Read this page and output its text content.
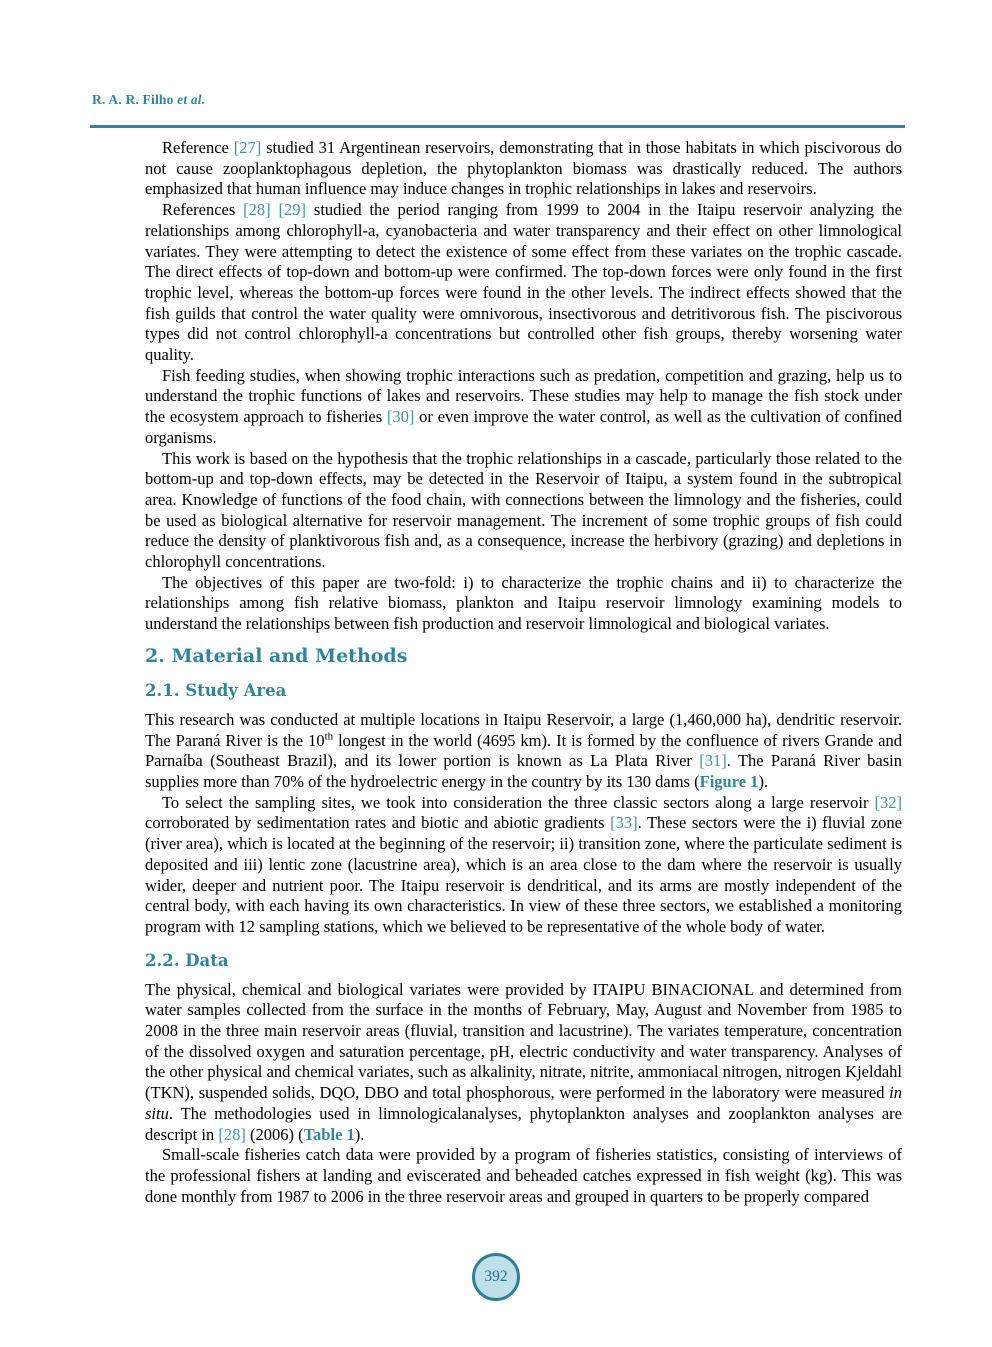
R. A. R. Filho et al.

Reference [27] studied 31 Argentinean reservoirs, demonstrating that in those habitats in which piscivorous do not cause zooplanktophagous depletion, the phytoplankton biomass was drastically reduced. The authors emphasized that human influence may induce changes in trophic relationships in lakes and reservoirs.

References [28] [29] studied the period ranging from 1999 to 2004 in the Itaipu reservoir analyzing the relationships among chlorophyll-a, cyanobacteria and water transparency and their effect on other limnological variates. They were attempting to detect the existence of some effect from these variates on the trophic cascade. The direct effects of top-down and bottom-up were confirmed. The top-down forces were only found in the first trophic level, whereas the bottom-up forces were found in the other levels. The indirect effects showed that the fish guilds that control the water quality were omnivorous, insectivorous and detritivorous fish. The piscivorous types did not control chlorophyll-a concentrations but controlled other fish groups, thereby worsening water quality.

Fish feeding studies, when showing trophic interactions such as predation, competition and grazing, help us to understand the trophic functions of lakes and reservoirs. These studies may help to manage the fish stock under the ecosystem approach to fisheries [30] or even improve the water control, as well as the cultivation of confined organisms.

This work is based on the hypothesis that the trophic relationships in a cascade, particularly those related to the bottom-up and top-down effects, may be detected in the Reservoir of Itaipu, a system found in the subtropical area. Knowledge of functions of the food chain, with connections between the limnology and the fisheries, could be used as biological alternative for reservoir management. The increment of some trophic groups of fish could reduce the density of planktivorous fish and, as a consequence, increase the herbivory (grazing) and depletions in chlorophyll concentrations.

The objectives of this paper are two-fold: i) to characterize the trophic chains and ii) to characterize the relationships among fish relative biomass, plankton and Itaipu reservoir limnology examining models to understand the relationships between fish production and reservoir limnological and biological variates.

2. Material and Methods
2.1. Study Area

This research was conducted at multiple locations in Itaipu Reservoir, a large (1,460,000 ha), dendritic reservoir. The Paraná River is the 10th longest in the world (4695 km). It is formed by the confluence of rivers Grande and Parnaíba (Southeast Brazil), and its lower portion is known as La Plata River [31]. The Paraná River basin supplies more than 70% of the hydroelectric energy in the country by its 130 dams (Figure 1).

To select the sampling sites, we took into consideration the three classic sectors along a large reservoir [32] corroborated by sedimentation rates and biotic and abiotic gradients [33]. These sectors were the i) fluvial zone (river area), which is located at the beginning of the reservoir; ii) transition zone, where the particulate sediment is deposited and iii) lentic zone (lacustrine area), which is an area close to the dam where the reservoir is usually wider, deeper and nutrient poor. The Itaipu reservoir is dendritical, and its arms are mostly independent of the central body, with each having its own characteristics. In view of these three sectors, we established a monitoring program with 12 sampling stations, which we believed to be representative of the whole body of water.

2.2. Data

The physical, chemical and biological variates were provided by ITAIPU BINACIONAL and determined from water samples collected from the surface in the months of February, May, August and November from 1985 to 2008 in the three main reservoir areas (fluvial, transition and lacustrine). The variates temperature, concentration of the dissolved oxygen and saturation percentage, pH, electric conductivity and water transparency. Analyses of the other physical and chemical variates, such as alkalinity, nitrate, nitrite, ammoniacal nitrogen, nitrogen Kjeldahl (TKN), suspended solids, DQO, DBO and total phosphorous, were performed in the laboratory were measured in situ. The methodologies used in limnologicalanalyses, phytoplankton analyses and zooplankton analyses are descript in [28] (2006) (Table 1).

Small-scale fisheries catch data were provided by a program of fisheries statistics, consisting of interviews of the professional fishers at landing and eviscerated and beheaded catches expressed in fish weight (kg). This was done monthly from 1987 to 2006 in the three reservoir areas and grouped in quarters to be properly compared

392
